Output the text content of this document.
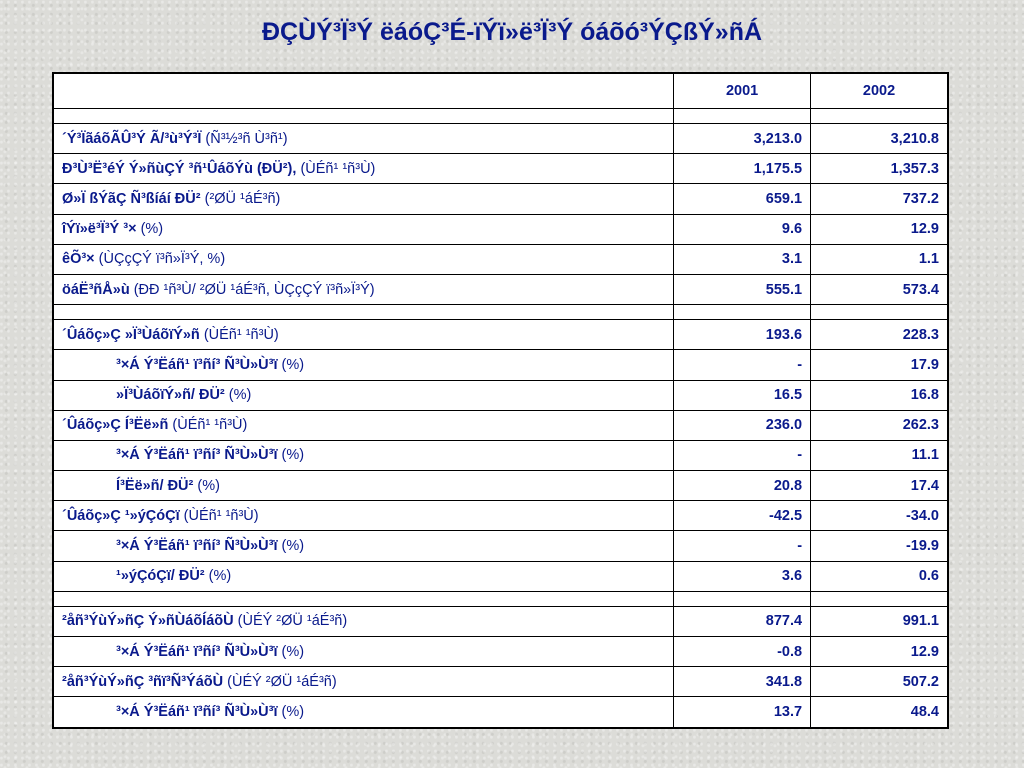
ÐÇÙÝ³Ï³Ý ëáóÇ³É-ïÝï»ë³Ï³Ý óáõó³ÝÇßÝ»ñÁ
	2001	2002

´Ý³ÏãáõÃÛ³Ý Ã/³ù³Ý³Ï (Ñ³½³ñ Ù³ñ¹)	3,213.0	3,210.8
Ð³Ù³Ë³éÝ Ý»ñùÇÝ ³ñ¹ÛáõÝù (ÐÜ²), (ÙÉñ¹ ¹ñ³Ù)	1,175.5	1,357.3
Ø»Ï ßÝãÇ Ñ³ßíáí ÐÜ² (²ØÜ ¹áÉ³ñ)	659.1	737.2
îÝï»ë³Ï³Ý ³× (%)	9.6	12.9
êÕ³× (ÙÇçÇÝ ï³ñ»Ï³Ý, %)	3.1	1.1
öáË³ñÅ»ù (ÐÐ ¹ñ³Ù/ ²ØÜ ¹áÉ³ñ, ÙÇçÇÝ ï³ñ»Ï³Ý)	555.1	573.4

´Ûáõç»Ç »Ï³ÙáõïÝ»ñ (ÙÉñ¹ ¹ñ³Ù)	193.6	228.3
³×Á Ý³Ëáñ¹ ï³ñí³ Ñ³Ù»Ù³ï (%)	-	17.9
»Ï³ÙáõïÝ»ñ/ ÐÜ² (%)	16.5	16.8
´Ûáõç»Ç Í³Ëë»ñ (ÙÉñ¹ ¹ñ³Ù)	236.0	262.3
³×Á Ý³Ëáñ¹ ï³ñí³ Ñ³Ù»Ù³ï (%)	-	11.1
Í³Ëë»ñ/ ÐÜ² (%)	20.8	17.4
´Ûáõç»Ç ¹»ýÇóÇï (ÙÉñ¹ ¹ñ³Ù)	-42.5	-34.0
³×Á Ý³Ëáñ¹ ï³ñí³ Ñ³Ù»Ù³ï (%)	-	-19.9
¹»ýÇóÇï/ ÐÜ² (%)	3.6	0.6

²åñ³ÝùÝ»ñÇ Ý»ñÙáõÍáõÙ (ÙÉÝ ²ØÜ ¹áÉ³ñ)	877.4	991.1
³×Á Ý³Ëáñ¹ ï³ñí³ Ñ³Ù»Ù³ï (%)	-0.8	12.9
²åñ³ÝùÝ»ñÇ ³ñï³Ñ³ÝáõÙ (ÙÉÝ ²ØÜ ¹áÉ³ñ)	341.8	507.2
³×Á Ý³Ëáñ¹ ï³ñí³ Ñ³Ù»Ù³ï (%)	13.7	48.4
